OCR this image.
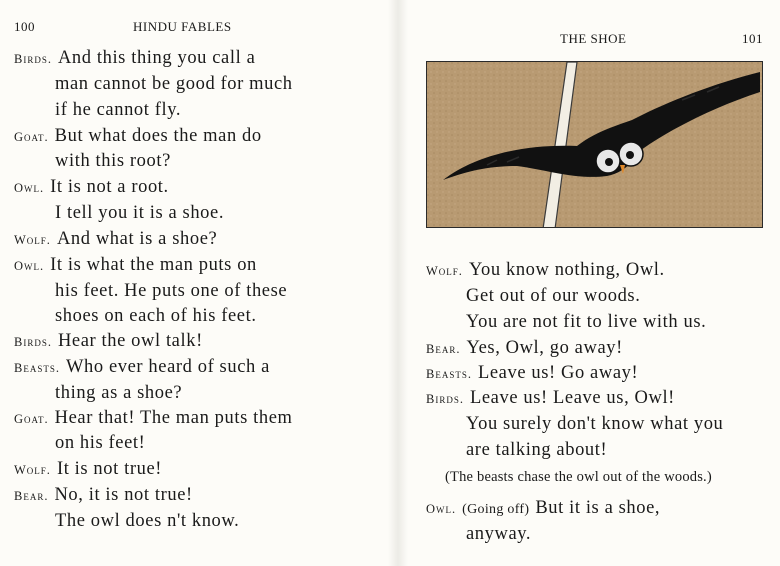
100	HINDU FABLES
Birds. And this thing you call a
man cannot be good for much
if he cannot fly.
Goat. But what does the man do
with this root?
Owl. It is not a root.
I tell you it is a shoe.
Wolf. And what is a shoe?
Owl. It is what the man puts on
his feet. He puts one of these
shoes on each of his feet.
Birds. Hear the owl talk!
Beasts. Who ever heard of such a
thing as a shoe?
Goat. Hear that! The man puts them
on his feet!
Wolf. It is not true!
Bear. No, it is not true!
The owl does n't know.
THE SHOE	101
Wolf. You know nothing, Owl.
Get out of our woods.
You are not fit to live with us.
Bear. Yes, Owl, go away!
Beasts. Leave us! Go away!
Birds. Leave us! Leave us, Owl!
You surely don't know what you
are talking about!
(The beasts chase the owl out of the woods.)
Owl. (Going off) But it is a shoe,
anyway.
